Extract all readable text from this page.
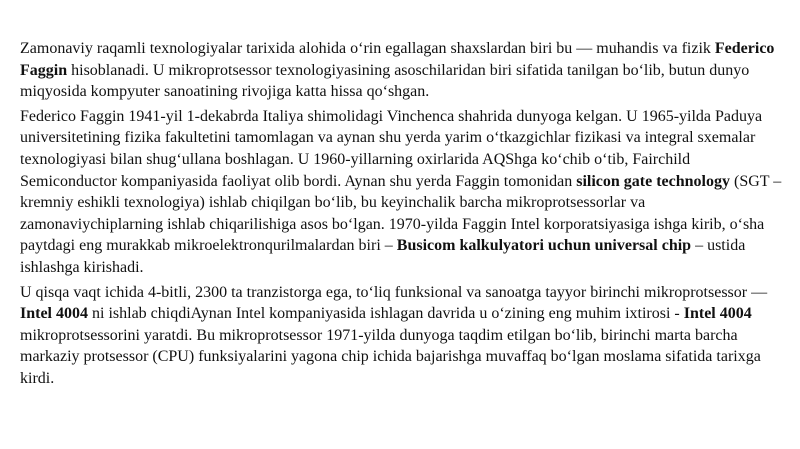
Zamonaviy raqamli texnologiyalar tarixida alohida o‘rin egallagan shaxslardan biri bu — muhandis va fizik Federico Faggin hisoblanadi. U mikroprotsessor texnologiyasining asoschilaridan biri sifatida tanilgan bo‘lib, butun dunyo miqyosida kompyuter sanoatining rivojiga katta hissa qo‘shgan.

Federico Faggin 1941-yil 1-dekabrda Italiya shimolidagi Vinchenca shahrida dunyoga kelgan. U 1965-yilda Paduya universitetining fizika fakultetini tamomlagan va aynan shu yerda yarim o‘tkazgichlar fizikasi va integral sxemalar texnologiyasi bilan shug‘ullana boshlagan. U 1960-yillarning oxirlarida AQShga ko‘chib o‘tib, Fairchild Semiconductor kompaniyasida faoliyat olib bordi. Aynan shu yerda Faggin tomonidan silicon gate technology (SGT – kremniy eshikli texnologiya) ishlab chiqilgan bo‘lib, bu keyinchalik barcha mikroprotsessorlar va zamonaviychiplarning ishlab chiqarilishiga asos bo‘lgan. 1970-yilda Faggin Intel korporatsiyasiga ishga kirib, o‘sha paytdagi eng murakkab mikroelektronqurilmalardan biri – Busicom kalkulyatori uchun universal chip – ustida ishlashga kirishadi.

U qisqa vaqt ichida 4-bitli, 2300 ta tranzistorga ega, to‘liq funksional va sanoatga tayyor birinchi mikroprotsessor — Intel 4004 ni ishlab chiqdiAynan Intel kompaniyasida ishlagan davrida u o‘zining eng muhim ixtirosi - Intel 4004 mikroprotsessorini yaratdi. Bu mikroprotsessor 1971-yilda dunyoga taqdim etilgan bo‘lib, birinchi marta barcha markaziy protsessor (CPU) funksiyalarini yagona chip ichida bajarishga muvaffaq bo‘lgan moslama sifatida tarixga kirdi.
